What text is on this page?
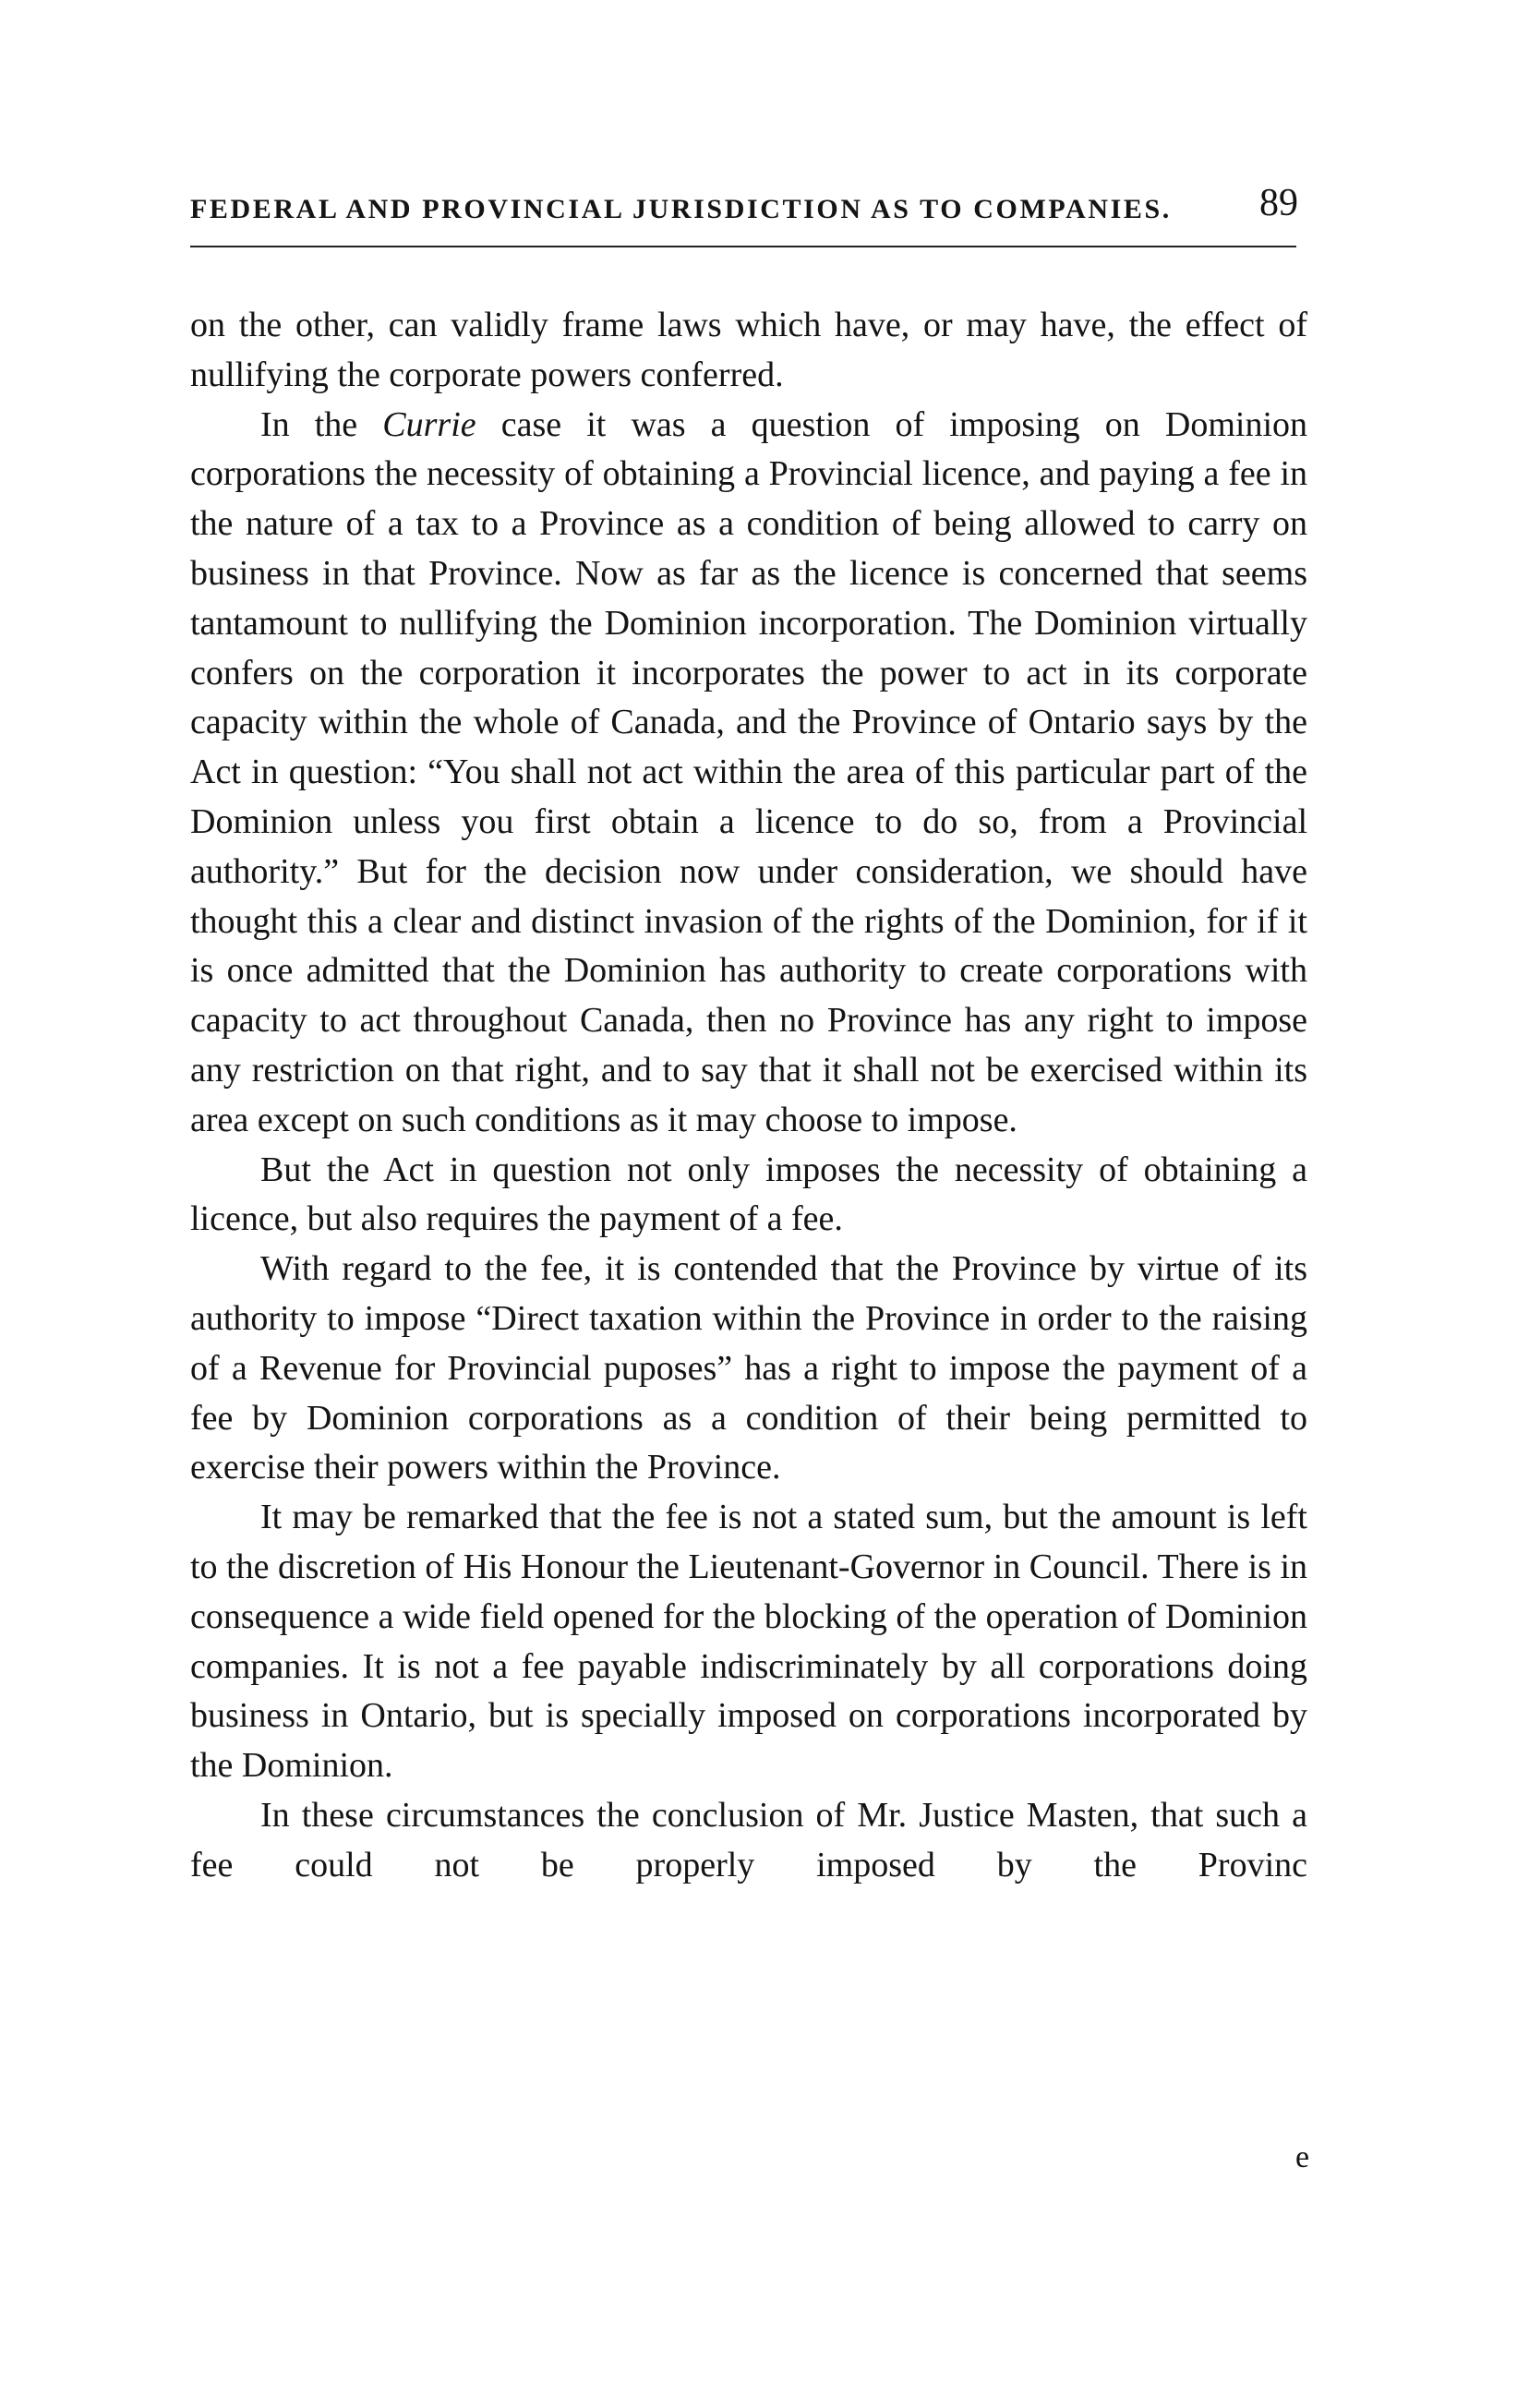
FEDERAL AND PROVINCIAL JURISDICTION AS TO COMPANIES. 89

on the other, can validly frame laws which have, or may have, the effect of nullifying the corporate powers conferred.

In the Currie case it was a question of imposing on Dominion corporations the necessity of obtaining a Provincial licence, and paying a fee in the nature of a tax to a Province as a condition of being allowed to carry on business in that Province. Now as far as the licence is concerned that seems tantamount to nullifying the Dominion incorporation. The Dominion virtually confers on the corporation it incorporates the power to act in its corporate capacity within the whole of Canada, and the Province of Ontario says by the Act in question: “You shall not act within the area of this particular part of the Dominion unless you first obtain a licence to do so, from a Provincial authority.” But for the decision now under consideration, we should have thought this a clear and distinct invasion of the rights of the Dominion, for if it is once admitted that the Dominion has authority to create corporations with capacity to act throughout Canada, then no Province has any right to impose any restriction on that right, and to say that it shall not be exercised within its area except on such conditions as it may choose to impose.

But the Act in question not only imposes the necessity of obtaining a licence, but also requires the payment of a fee.

With regard to the fee, it is contended that the Province by virtue of its authority to impose “Direct taxation within the Province in order to the raising of a Revenue for Provincial puposes” has a right to impose the payment of a fee by Dominion corporations as a condition of their being permitted to exercise their powers within the Province.

It may be remarked that the fee is not a stated sum, but the amount is left to the discretion of His Honour the Lieutenant-Governor in Council. There is in consequence a wide field opened for the blocking of the operation of Dominion companies. It is not a fee payable indiscriminately by all corporations doing business in Ontario, but is specially imposed on corporations incorporated by the Dominion.

In these circumstances the conclusion of Mr. Justice Masten, that such a fee could not be properly imposed by the Provinc

e
